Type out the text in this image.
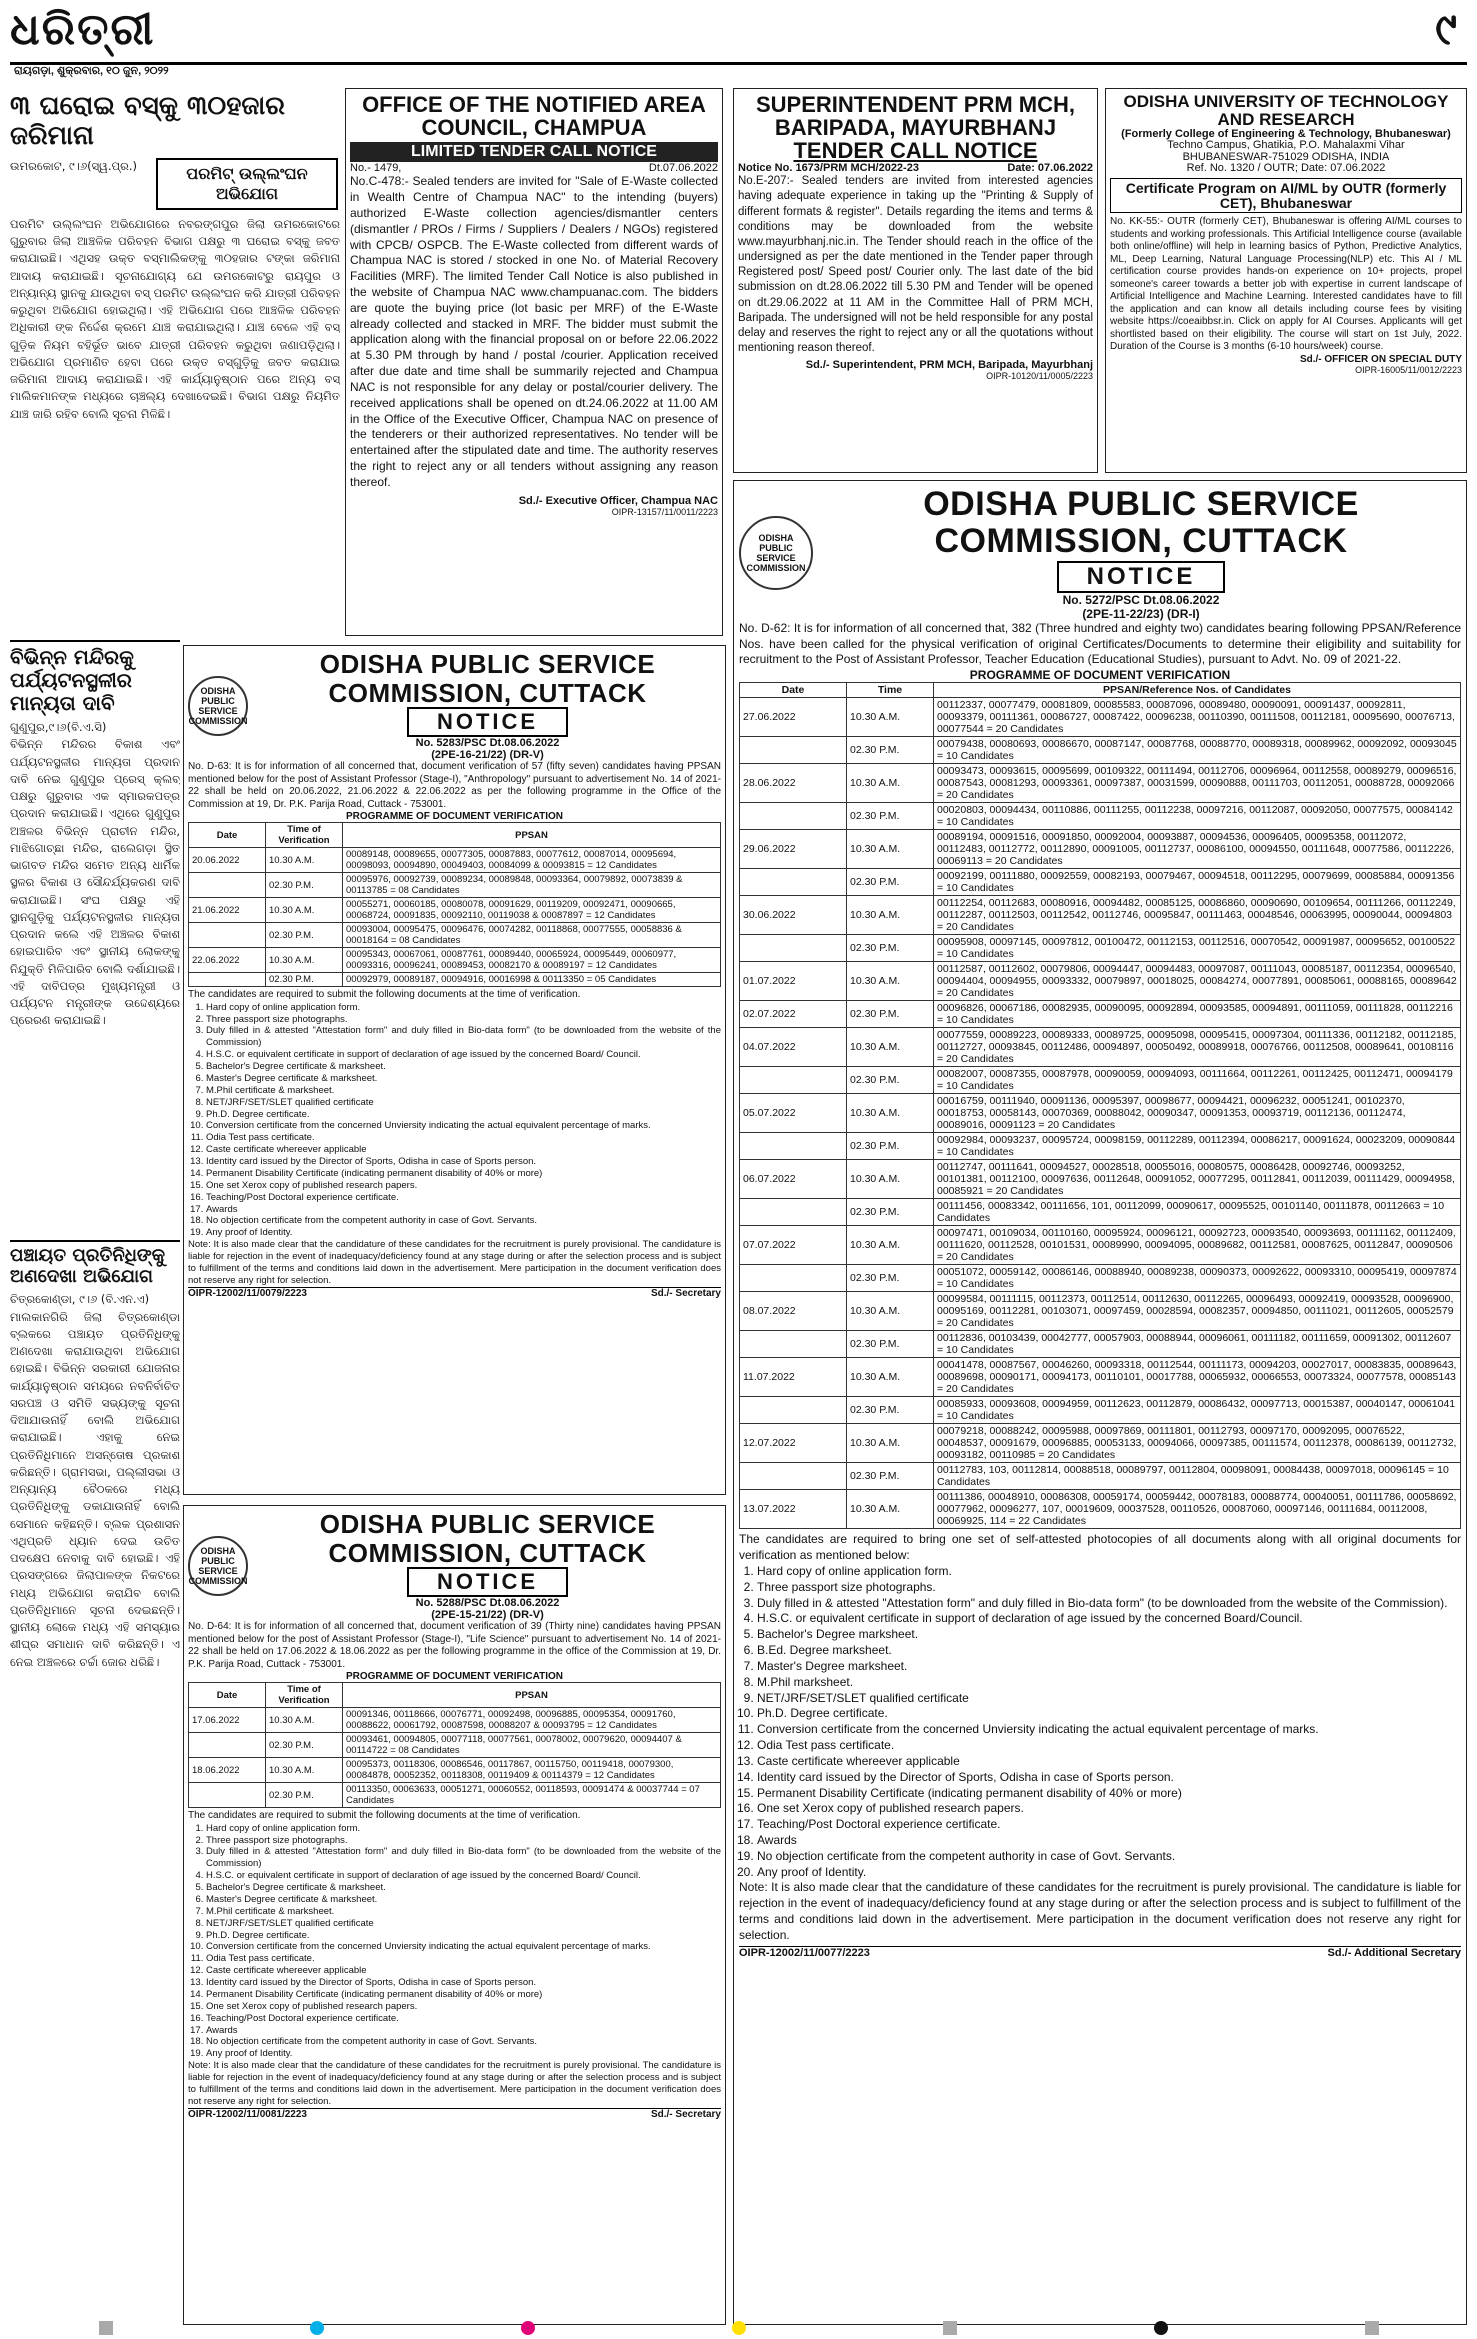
ଧରିତ୍ରୀ	୯
ରାୟଗଡ଼ା, ଶୁକ୍ରବାର, ୧୦ ଜୁନ, ୨୦୨୨
୩ ଘରୋଇ ବସ୍‌କୁ ୩୦ହଜାର ଜରିମାନା
ଉମରକୋଟ, ୯।୬(ସ୍ୱ.ପ୍ର.)	ପରମିଟ୍ ଉଲ୍ଲଂଘନ ଅଭିଯୋଗ
ପରମିଟ ଉଲ୍ଲଂଘନ ଅଭିଯୋଗରେ ନବରଙ୍ଗପୁର ଜିଲା ଉମରକୋଟରେ ଗୁରୁବାର ଜିଲା ଆଞ୍ଚଳିକ ପରିବହନ ବିଭାଗ ପକ୍ଷରୁ ୩ ଘରୋଇ ବସ୍‌କୁ ଜବତ କରାଯାଇଛି। ଏଥିସହ ଉକ୍ତ ବସ୍‌ମାଲିକଙ୍କୁ ୩୦ହଜାର ଟଙ୍କା ଜରିମାନା ଆଦାୟ କରାଯାଇଛି। ସୂଚନାଯୋଗ୍ୟ ଯେ ଉମରକୋଟରୁ ରାୟପୁର ଓ ଅନ୍ୟାନ୍ୟ ସ୍ଥାନକୁ ଯାଉଥିବା ବସ୍ ପରମିଟ ଉଲ୍ଲଂଘନ କରି ଯାତ୍ରୀ ପରିବହନ କରୁଥିବା ଅଭିଯୋଗ ହୋଇଥିଲା। ଏହି ଅଭିଯୋଗ ପରେ ଆଞ୍ଚଳିକ ପରିବହନ ଅଧିକାରୀ ଙ୍କ ନିର୍ଦ୍ଦେଶ କ୍ରମେ ଯାଞ୍ଚ କରାଯାଇଥିଲା। ଯାଞ୍ଚ ବେଳେ ଏହି ବସ୍ ଗୁଡ଼ିକ ନିୟମ ବହିର୍ଭୂତ ଭାବେ ଯାତ୍ରୀ ପରିବହନ କରୁଥିବା ଜଣାପଡ଼ିଥିଲା। ଅଭିଯୋଗ ପ୍ରମାଣିତ ହେବା ପରେ ଉକ୍ତ ବସ୍‌ଗୁଡ଼ିକୁ ଜବତ କରାଯାଇ ଜରିମାନା ଆଦାୟ କରାଯାଇଛି। ଏହି କାର୍ଯ୍ୟାନୁଷ୍ଠାନ ପରେ ଅନ୍ୟ ବସ୍ ମାଲିକମାନଙ୍କ ମଧ୍ୟରେ ଚାଞ୍ଚଲ୍ୟ ଦେଖାଦେଇଛି। ବିଭାଗ ପକ୍ଷରୁ ନିୟମିତ ଯାଞ୍ଚ ଜାରି ରହିବ ବୋଲି ସୂଚନା ମିଳିଛି।
ବିଭିନ୍ନ ମନ୍ଦିରକୁ ପର୍ଯ୍ୟଟନସ୍ଥଳୀର ମାନ୍ୟତା ଦାବି
ଗୁଣୁପୁର,୯।୬(ବି.ଏ.ସି)
ବିଭିନ୍ନ ମନ୍ଦିରର ବିକାଶ ଏବଂ ପର୍ଯ୍ୟଟନସ୍ଥଳୀର ମାନ୍ୟତା ପ୍ରଦାନ ଦାବି ନେଇ ଗୁଣୁପୁର ପ୍ରେସ୍ କ୍ଲବ୍ ପକ୍ଷରୁ ଗୁରୁବାର ଏକ ସ୍ମାରକପତ୍ର ପ୍ରଦାନ କରାଯାଇଛି। ଏଥିରେ ଗୁଣୁପୁର ଅଞ୍ଚଳର ବିଭିନ୍ନ ପ୍ରାଚୀନ ମନ୍ଦିର, ମାଝିଗୋଚ୍ଛା ମନ୍ଦିର, ରାଲେଗଡ଼ା ସ୍ଥିତ ଭାଗବତ ମନ୍ଦିର ସମେତ ଅନ୍ୟ ଧାର୍ମିକ ସ୍ଥଳର ବିକାଶ ଓ ସୌନ୍ଦର୍ଯ୍ୟକରଣ ଦାବି କରାଯାଇଛି। ସଂଘ ପକ୍ଷରୁ ଏହି ସ୍ଥାନଗୁଡ଼ିକୁ ପର୍ଯ୍ୟଟନସ୍ଥଳୀର ମାନ୍ୟତା ପ୍ରଦାନ କଲେ ଏହି ଅଞ୍ଚଳର ବିକାଶ ହୋଇପାରିବ ଏବଂ ସ୍ଥାନୀୟ ଲୋକଙ୍କୁ ନିଯୁକ୍ତି ମିଳିପାରିବ ବୋଲି ଦର୍ଶାଯାଇଛି। ଏହି ଦାବିପତ୍ର ମୁଖ୍ୟମନ୍ତ୍ରୀ ଓ ପର୍ଯ୍ୟଟନ ମନ୍ତ୍ରୀଙ୍କ ଉଦ୍ଦେଶ୍ୟରେ ପ୍ରେରଣ କରାଯାଇଛି।
ପଞ୍ଚାୟତ ପ୍ରତିନିଧିଙ୍କୁ ଅଣଦେଖା ଅଭିଯୋଗ
ଚିତ୍ରକୋଣ୍ଡା, ୯।୬ (ବି.ଏନ.ଏ)
ମାଲକାନଗିରି ଜିଲା ଚିତ୍ରକୋଣ୍ଡା ବ୍ଲକରେ ପଞ୍ଚାୟତ ପ୍ରତିନିଧିଙ୍କୁ ଅଣଦେଖା କରାଯାଉଥିବା ଅଭିଯୋଗ ହୋଇଛି। ବିଭିନ୍ନ ସରକାରୀ ଯୋଜନାର କାର୍ଯ୍ୟାନୁଷ୍ଠାନ ସମୟରେ ନବନିର୍ବାଚିତ ସରପଞ୍ଚ ଓ ସମିତି ସଭ୍ୟଙ୍କୁ ସୂଚନା ଦିଆଯାଉନାହିଁ ବୋଲି ଅଭିଯୋଗ କରାଯାଇଛି। ଏହାକୁ ନେଇ ପ୍ରତିନିଧିମାନେ ଅସନ୍ତୋଷ ପ୍ରକାଶ କରିଛନ୍ତି। ଗ୍ରାମସଭା, ପଲ୍ଲୀସଭା ଓ ଅନ୍ୟାନ୍ୟ ବୈଠକରେ ମଧ୍ୟ ପ୍ରତିନିଧିଙ୍କୁ ଡକାଯାଉନାହିଁ ବୋଲି ସେମାନେ କହିଛନ୍ତି। ବ୍ଲକ ପ୍ରଶାସନ ଏଥିପ୍ରତି ଧ୍ୟାନ ଦେଇ ଉଚିତ ପଦକ୍ଷେପ ନେବାକୁ ଦାବି ହୋଇଛି। ଏହି ପ୍ରସଙ୍ଗରେ ଜିଲାପାଳଙ୍କ ନିକଟରେ ମଧ୍ୟ ଅଭିଯୋଗ କରାଯିବ ବୋଲି ପ୍ରତିନିଧିମାନେ ସୂଚନା ଦେଇଛନ୍ତି। ସ୍ଥାନୀୟ ଲୋକେ ମଧ୍ୟ ଏହି ସମସ୍ୟାର ଶୀଘ୍ର ସମାଧାନ ଦାବି କରିଛନ୍ତି। ଏ ନେଇ ଅଞ୍ଚଳରେ ଚର୍ଚ୍ଚା ଜୋର ଧରିଛି।
OFFICE OF THE NOTIFIED AREA COUNCIL, CHAMPUA
LIMITED TENDER CALL NOTICE
No.- 1479,	Dt.07.06.2022
No.C-478:- Sealed tenders are invited for "Sale of E-Waste collected in Wealth Centre of Champua NAC" to the intending (buyers) authorized E-Waste collection agencies/dismantler centers (dismantler / PROs / Firms / Suppliers / Dealers / NGOs) registered with CPCB/ OSPCB. The E-Waste collected from different wards of Champua NAC is stored / stocked in one No. of Material Recovery Facilities (MRF). The limited Tender Call Notice is also published in the website of Champua NAC www.champuanac.com. The bidders are quote the buying price (lot basic per MRF) of the E-Waste already collected and stacked in MRF. The bidder must submit the application along with the financial proposal on or before 22.06.2022 at 5.30 PM through by hand / postal /courier. Application received after due date and time shall be summarily rejected and Champua NAC is not responsible for any delay or postal/courier delivery. The received applications shall be opened on dt.24.06.2022 at 11.00 AM in the Office of the Executive Officer, Champua NAC on presence of the tenderers or their authorized representatives. No tender will be entertained after the stipulated date and time. The authority reserves the right to reject any or all tenders without assigning any reason thereof.
Sd./- Executive Officer, Champua NAC
OIPR-13157/11/0011/2223
SUPERINTENDENT PRM MCH, BARIPADA, MAYURBHANJ
TENDER CALL NOTICE
Notice No. 1673/PRM MCH/2022-23	Date: 07.06.2022
No.E-207:- Sealed tenders are invited from interested agencies having adequate experience in taking up the "Printing & Supply of different formats & register". Details regarding the items and terms & conditions may be downloaded from the website www.mayurbhanj.nic.in. The Tender should reach in the office of the undersigned as per the date mentioned in the Tender paper through Registered post/ Speed post/ Courier only. The last date of the bid submission on dt.28.06.2022 till 5.30 PM and Tender will be opened on dt.29.06.2022 at 11 AM in the Committee Hall of PRM MCH, Baripada. The undersigned will not be held responsible for any postal delay and reserves the right to reject any or all the quotations without mentioning reason thereof.
Sd./- Superintendent, PRM MCH, Baripada, Mayurbhanj
OIPR-10120/11/0005/2223
ODISHA UNIVERSITY OF TECHNOLOGY AND RESEARCH
(Formerly College of Engineering & Technology, Bhubaneswar)
Techno Campus, Ghatikia, P.O. Mahalaxmi Vihar
BHUBANESWAR-751029 ODISHA, INDIA
Ref. No. 1320 / OUTR; Date: 07.06.2022
Certificate Program on AI/ML by OUTR (formerly CET), Bhubaneswar
No. KK-55:- OUTR (formerly CET), Bhubaneswar is offering AI/ML courses to students and working professionals. This Artificial Intelligence course (available both online/offline) will help in learning basics of Python, Predictive Analytics, ML, Deep Learning, Natural Language Processing(NLP) etc. This AI / ML certification course provides hands-on experience on 10+ projects, propel someone's career towards a better job with expertise in current landscape of Artificial Intelligence and Machine Learning. Interested candidates have to fill the application and can know all details including course fees by visiting website https://coeaibbsr.in. Click on apply for AI Courses. Applicants will get shortlisted based on their eligibility. The course will start on 1st July, 2022. Duration of the Course is 3 months (6-10 hours/week) course.
Sd./- OFFICER ON SPECIAL DUTY
OIPR-16005/11/0012/2223
ODISHA PUBLIC SERVICE COMMISSION
ODISHA PUBLIC SERVICE COMMISSION, CUTTACK
NOTICE
No. 5283/PSC Dt.08.06.2022
(2PE-16-21/22) (DR-V)
No. D-63: It is for information of all concerned that, document verification of 57 (fifty seven) candidates having PPSAN mentioned below for the post of Assistant Professor (Stage-I), "Anthropology" pursuant to advertisement No. 14 of 2021-22 shall be held on 20.06.2022, 21.06.2022 & 22.06.2022 as per the following programme in the Office of the Commission at 19, Dr. P.K. Parija Road, Cuttack - 753001.
PROGRAMME OF DOCUMENT VERIFICATION
Date	Time of Verification	PPSAN
20.06.2022	10.30 A.M.	00089148, 00089655, 00077305, 00087883, 00077612, 00087014, 00095694, 00098093, 00094890, 00049403, 00084099 & 00093815 = 12 Candidates
	02.30 P.M.	00095976, 00092739, 00089234, 00089848, 00093364, 00079892, 00073839 & 00113785 = 08 Candidates
21.06.2022	10.30 A.M.	00055271, 00060185, 00080078, 00091629, 00119209, 00092471, 00090665, 00068724, 00091835, 00092110, 00119038 & 00087897 = 12 Candidates
	02.30 P.M.	00093004, 00095475, 00096476, 00074282, 00118868, 00077555, 00058836 & 00018164 = 08 Candidates
22.06.2022	10.30 A.M.	00095343, 00067061, 00087761, 00089440, 00065924, 00095449, 00060977, 00093316, 00096241, 00089453, 00082170 & 00089197 = 12 Candidates
	02.30 P.M.	00092979, 00089187, 00094916, 00016998 & 00113350 = 05 Candidates
The candidates are required to submit the following documents at the time of verification.
1. Hard copy of online application form.
2. Three passport size photographs.
3. Duly filled in & attested "Attestation form" and duly filled in Bio-data form" (to be downloaded from the website of the Commission)
4. H.S.C. or equivalent certificate in support of declaration of age issued by the concerned Board/ Council.
5. Bachelor's Degree certificate & marksheet.
6. Master's Degree certificate & marksheet.
7. M.Phil certificate & marksheet.
8. NET/JRF/SET/SLET qualified certificate
9. Ph.D. Degree certificate.
10. Conversion certificate from the concerned Unviersity indicating the actual equivalent percentage of marks.
11. Odia Test pass certificate.
12. Caste certificate whereever applicable
13. Identity card issued by the Director of Sports, Odisha in case of Sports person.
14. Permanent Disability Certificate (indicating permanent disability of 40% or more)
15. One set Xerox copy of published research papers.
16. Teaching/Post Doctoral experience certificate.
17. Awards
18. No objection certificate from the competent authority in case of Govt. Servants.
19. Any proof of Identity.
Note: It is also made clear that the candidature of these candidates for the recruitment is purely provisional. The candidature is liable for rejection in the event of inadequacy/deficiency found at any stage during or after the selection process and is subject to fulfillment of the terms and conditions laid down in the advertisement. Mere participation in the document verification does not reserve any right for selection.
OIPR-12002/11/0079/2223	Sd./- Secretary
ODISHA PUBLIC SERVICE COMMISSION
ODISHA PUBLIC SERVICE COMMISSION, CUTTACK
NOTICE
No. 5288/PSC Dt.08.06.2022
(2PE-15-21/22) (DR-V)
No. D-64: It is for information of all concerned that, document verification of 39 (Thirty nine) candidates having PPSAN mentioned below for the post of Assistant Professor (Stage-I), "Life Science" pursuant to advertisement No. 14 of 2021-22 shall be held on 17.06.2022 & 18.06.2022 as per the following programme in the office of the Commission at 19, Dr. P.K. Parija Road, Cuttack - 753001.
PROGRAMME OF DOCUMENT VERIFICATION
Date	Time of Verification	PPSAN
17.06.2022	10.30 A.M.	00091346, 00118666, 00076771, 00092498, 00096885, 00095354, 00091760, 00088622, 00061792, 00087598, 00088207 & 00093795 = 12 Candidates
	02.30 P.M.	00093461, 00094805, 00077118, 00077561, 00078002, 00079620, 00094407 & 00114722 = 08 Candidates
18.06.2022	10.30 A.M.	00095373, 00118306, 00086546, 00117867, 00115750, 00119418, 00079300, 00084878, 00052352, 00118308, 00119409 & 00114379 = 12 Candidates
	02.30 P.M.	00113350, 00063633, 00051271, 00060552, 00118593, 00091474 & 00037744 = 07 Candidates
The candidates are required to submit the following documents at the time of verification.
1. Hard copy of online application form.
2. Three passport size photographs.
3. Duly filled in & attested "Attestation form" and duly filled in Bio-data form" (to be downloaded from the website of the Commission)
4. H.S.C. or equivalent certificate in support of declaration of age issued by the concerned Board/ Council.
5. Bachelor's Degree certificate & marksheet.
6. Master's Degree certificate & marksheet.
7. M.Phil certificate & marksheet.
8. NET/JRF/SET/SLET qualified certificate
9. Ph.D. Degree certificate.
10. Conversion certificate from the concerned Unviersity indicating the actual equivalent percentage of marks.
11. Odia Test pass certificate.
12. Caste certificate whereever applicable
13. Identity card issued by the Director of Sports, Odisha in case of Sports person.
14. Permanent Disability Certificate (indicating permanent disability of 40% or more)
15. One set Xerox copy of published research papers.
16. Teaching/Post Doctoral experience certificate.
17. Awards
18. No objection certificate from the competent authority in case of Govt. Servants.
19. Any proof of Identity.
Note: It is also made clear that the candidature of these candidates for the recruitment is purely provisional. The candidature is liable for rejection in the event of inadequacy/deficiency found at any stage during or after the selection process and is subject to fulfillment of the terms and conditions laid down in the advertisement. Mere participation in the document verification does not reserve any right for selection.
OIPR-12002/11/0081/2223	Sd./- Secretary
ODISHA PUBLIC SERVICE COMMISSION
ODISHA PUBLIC SERVICE COMMISSION, CUTTACK
NOTICE
No. 5272/PSC Dt.08.06.2022
(2PE-11-22/23) (DR-I)
No. D-62: It is for information of all concerned that, 382 (Three hundred and eighty two) candidates bearing following PPSAN/Reference Nos. have been called for the physical verification of original Certificates/Documents to determine their eligibility and suitability for recruitment to the Post of Assistant Professor, Teacher Education (Educational Studies), pursuant to Advt. No. 09 of 2021-22.
PROGRAMME OF DOCUMENT VERIFICATION
Date	Time	PPSAN/Reference Nos. of Candidates
27.06.2022	10.30 A.M.	00112337, 00077479, 00081809, 00085583, 00087096, 00089480, 00090091, 00091437, 00092811, 00093379, 00111361, 00086727, 00087422, 00096238, 00110390, 00111508, 00112181, 00095690, 00076713, 00077544 = 20 Candidates
	02.30 P.M.	00079438, 00080693, 00086670, 00087147, 00087768, 00088770, 00089318, 00089962, 00092092, 00093045 = 10 Candidates
28.06.2022	10.30 A.M.	00093473, 00093615, 00095699, 00109322, 00111494, 00112706, 00096964, 00112558, 00089279, 00096516, 00087543, 00081293, 00093361, 00097387, 00031599, 00090888, 00111703, 00112051, 00088728, 00092066 = 20 Candidates
	02.30 P.M.	00020803, 00094434, 00110886, 00111255, 00112238, 00097216, 00112087, 00092050, 00077575, 00084142 = 10 Candidates
29.06.2022	10.30 A.M.	00089194, 00091516, 00091850, 00092004, 00093887, 00094536, 00096405, 00095358, 00112072, 00112483, 00112772, 00112890, 00091005, 00112737, 00086100, 00094550, 00111648, 00077586, 00112226, 00069113 = 20 Candidates
	02.30 P.M.	00092199, 00111880, 00092559, 00082193, 00079467, 00094518, 00112295, 00079699, 00085884, 00091356 = 10 Candidates
30.06.2022	10.30 A.M.	00112254, 00112683, 00080916, 00094482, 00085125, 00086860, 00090690, 00109654, 00111266, 00112249, 00112287, 00112503, 00112542, 00112746, 00095847, 00111463, 00048546, 00063995, 00090044, 00094803 = 20 Candidates
	02.30 P.M.	00095908, 00097145, 00097812, 00100472, 00112153, 00112516, 00070542, 00091987, 00095652, 00100522 = 10 Candidates
01.07.2022	10.30 A.M.	00112587, 00112602, 00079806, 00094447, 00094483, 00097087, 00111043, 00085187, 00112354, 00096540, 00094404, 00094955, 00093332, 00079897, 00018025, 00084274, 00077891, 00085061, 00088165, 00089642 = 20 Candidates
02.07.2022	02.30 P.M.	00096826, 00067186, 00082935, 00090095, 00092894, 00093585, 00094891, 00111059, 00111828, 00112216 = 10 Candidates
04.07.2022	10.30 A.M.	00077559, 00089223, 00089333, 00089725, 00095098, 00095415, 00097304, 00111336, 00112182, 00112185, 00112727, 00093845, 00112486, 00094897, 00050492, 00089918, 00076766, 00112508, 00089641, 00108116 = 20 Candidates
	02.30 P.M.	00082007, 00087355, 00087978, 00090059, 00094093, 00111664, 00112261, 00112425, 00112471, 00094179 = 10 Candidates
05.07.2022	10.30 A.M.	00016759, 00111940, 00091136, 00095397, 00098677, 00094421, 00096232, 00051241, 00102370, 00018753, 00058143, 00070369, 00088042, 00090347, 00091353, 00093719, 00112136, 00112474, 00089016, 00091123 = 20 Candidates
	02.30 P.M.	00092984, 00093237, 00095724, 00098159, 00112289, 00112394, 00086217, 00091624, 00023209, 00090844 = 10 Candidates
06.07.2022	10.30 A.M.	00112747, 00111641, 00094527, 00028518, 00055016, 00080575, 00086428, 00092746, 00093252, 00101381, 00112100, 00097636, 00112648, 00091052, 00077295, 00112841, 00112039, 00111429, 00094958, 00085921 = 20 Candidates
	02.30 P.M.	00111456, 00083342, 00111656, 101, 00112099, 00090617, 00095525, 00101140, 00111878, 00112663 = 10 Candidates
07.07.2022	10.30 A.M.	00097471, 00109034, 00110160, 00095924, 00096121, 00092723, 00093540, 00093693, 00111162, 00112409, 00111620, 00112528, 00101531, 00089990, 00094095, 00089682, 00112581, 00087625, 00112847, 00090506 = 20 Candidates
	02.30 P.M.	00051072, 00059142, 00086146, 00088940, 00089238, 00090373, 00092622, 00093310, 00095419, 00097874 = 10 Candidates
08.07.2022	10.30 A.M.	00099584, 00111115, 00112373, 00112514, 00112630, 00112265, 00096493, 00092419, 00093528, 00096900, 00095169, 00112281, 00103071, 00097459, 00028594, 00082357, 00094850, 00111021, 00112605, 00052579 = 20 Candidates
	02.30 P.M.	00112836, 00103439, 00042777, 00057903, 00088944, 00096061, 00111182, 00111659, 00091302, 00112607 = 10 Candidates
11.07.2022	10.30 A.M.	00041478, 00087567, 00046260, 00093318, 00112544, 00111173, 00094203, 00027017, 00083835, 00089643, 00089698, 00090171, 00094173, 00110101, 00017788, 00065932, 00066553, 00073324, 00077578, 00085143 = 20 Candidates
	02.30 P.M.	00085933, 00093608, 00094959, 00112623, 00112879, 00086432, 00097713, 00015387, 00040147, 00061041 = 10 Candidates
12.07.2022	10.30 A.M.	00079218, 00088242, 00095988, 00097869, 00111801, 00112793, 00097170, 00092095, 00076522, 00048537, 00091679, 00096885, 00053133, 00094066, 00097385, 00111574, 00112378, 00086139, 00112732, 00093182, 00110985 = 20 Candidates
	02.30 P.M.	00112783, 103, 00112814, 00088518, 00089797, 00112804, 00098091, 00084438, 00097018, 00096145 = 10 Candidates
13.07.2022	10.30 A.M.	00111386, 00048910, 00086308, 00059174, 00059442, 00078183, 00088774, 00040051, 00111786, 00058692, 00077962, 00096277, 107, 00019609, 00037528, 00110526, 00087060, 00097146, 00111684, 00112008, 00069925, 114 = 22 Candidates
The candidates are required to bring one set of self-attested photocopies of all documents along with all original documents for verification as mentioned below:
1. Hard copy of online application form.
2. Three passport size photographs.
3. Duly filled in & attested "Attestation form" and duly filled in Bio-data form" (to be downloaded from the website of the Commission).
4. H.S.C. or equivalent certificate in support of declaration of age issued by the concerned Board/Council.
5. Bachelor's Degree marksheet.
6. B.Ed. Degree marksheet.
7. Master's Degree marksheet.
8. M.Phil marksheet.
9. NET/JRF/SET/SLET qualified certificate
10. Ph.D. Degree certificate.
11. Conversion certificate from the concerned Unviersity indicating the actual equivalent percentage of marks.
12. Odia Test pass certificate.
13. Caste certificate whereever applicable
14. Identity card issued by the Director of Sports, Odisha in case of Sports person.
15. Permanent Disability Certificate (indicating permanent disability of 40% or more)
16. One set Xerox copy of published research papers.
17. Teaching/Post Doctoral experience certificate.
18. Awards
19. No objection certificate from the competent authority in case of Govt. Servants.
20. Any proof of Identity.
Note: It is also made clear that the candidature of these candidates for the recruitment is purely provisional. The candidature is liable for rejection in the event of inadequacy/deficiency found at any stage during or after the selection process and is subject to fulfillment of the terms and conditions laid down in the advertisement. Mere participation in the document verification does not reserve any right for selection.
OIPR-12002/11/0077/2223	Sd./- Additional Secretary
